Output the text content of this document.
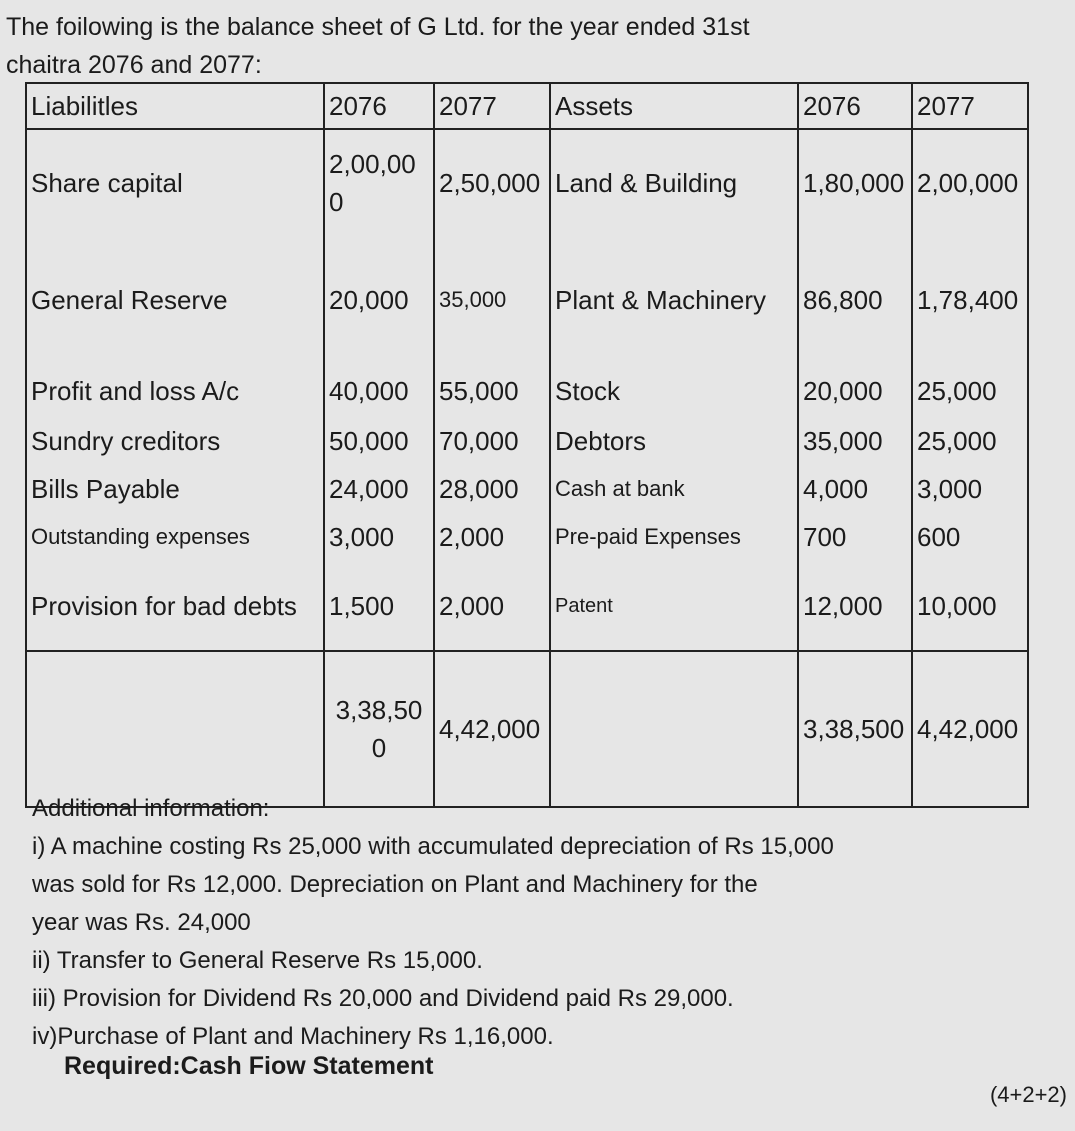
The foilowing is the balance sheet of G Ltd. for the year ended 31st
chaitra 2076 and 2077:
Liabilitles	2076	2077	Assets	2076	2077
Share capital	2,00,000	2,50,000	Land & Building	1,80,000	2,00,000
General Reserve	20,000	35,000	Plant & Machinery	86,800	1,78,400
Profit and loss A/c	40,000	55,000	Stock	20,000	25,000
Sundry creditors	50,000	70,000	Debtors	35,000	25,000
Bills Payable	24,000	28,000	Cash at bank	4,000	3,000
Outstanding expenses	3,000	2,000	Pre-paid Expenses	700	600
Provision for bad debts	1,500	2,000	Patent	12,000	10,000
	3,38,500	4,42,000		3,38,500	4,42,000
Additional information:
i) A machine costing Rs 25,000 with accumulated depreciation of Rs 15,000
was sold for Rs 12,000. Depreciation on Plant and Machinery for the
year was Rs. 24,000
ii) Transfer to General Reserve Rs 15,000.
iii) Provision for Dividend Rs 20,000 and Dividend paid Rs 29,000.
iv)Purchase of Plant and Machinery Rs 1,16,000.
Required:Cash Fiow Statement
(4+2+2)
